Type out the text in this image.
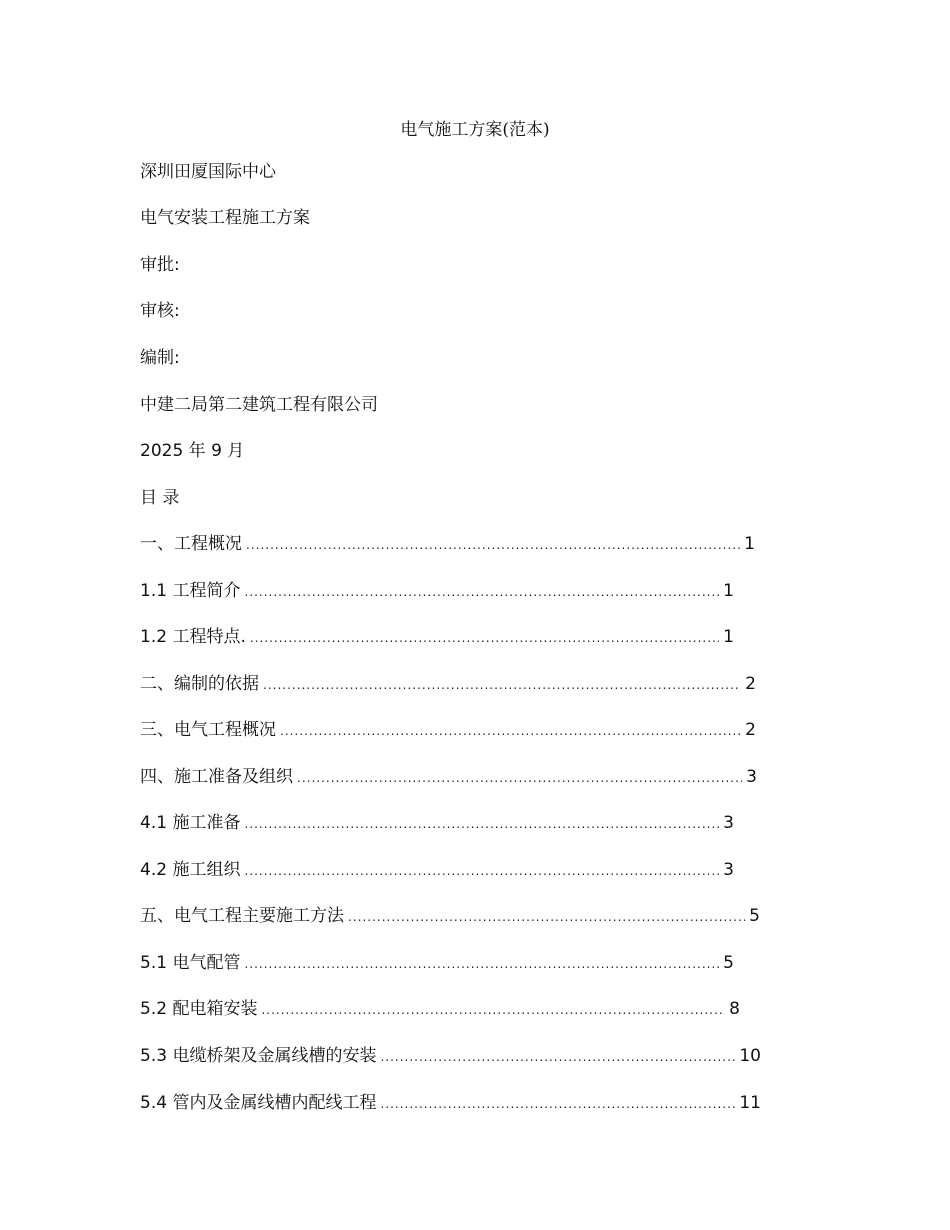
电气施工方案(范本)
深圳田厦国际中心
电气安装工程施工方案
审批:
审核:
编制:
中建二局第二建筑工程有限公司
2025 年 9 月
目 录
一、工程概况 .....	1
1.1 工程简介 .....	1
1.2 工程特点. .....	1
二、编制的依据 .....	2
三、电气工程概况 .....	2
四、施工准备及组织 .....	3
4.1 施工准备 .....	3
4.2 施工组织 .....	3
五、电气工程主要施工方法 .....	5
5.1 电气配管 .....	5
5.2 配电箱安装 .....	8
5.3 电缆桥架及金属线槽的安装 .....	10
5.4 管内及金属线槽内配线工程 .....	11
